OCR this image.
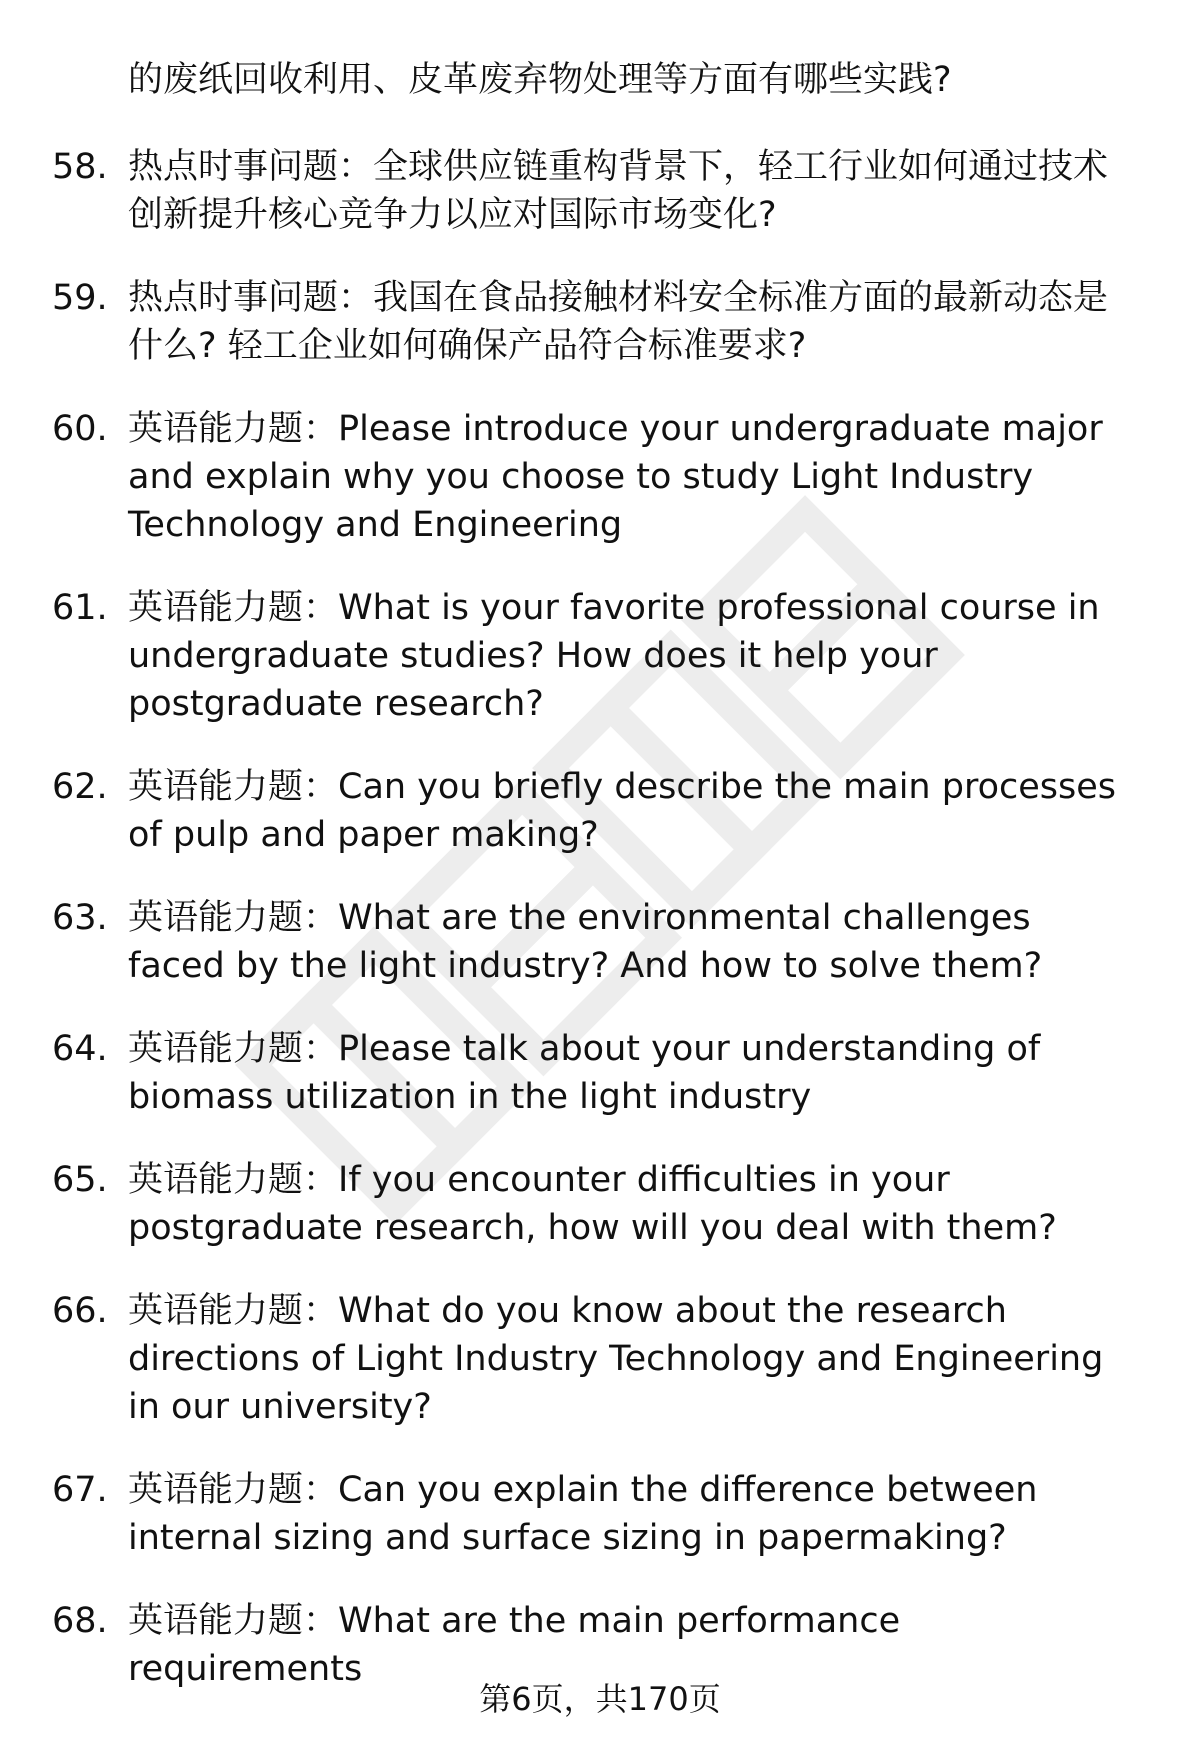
的废纸回收利用、皮革废弃物处理等方面有哪些实践?

58. 热点时事问题：全球供应链重构背景下，轻工行业如何通过技术创新提升核心竞争力以应对国际市场变化?
59. 热点时事问题：我国在食品接触材料安全标准方面的最新动态是什么? 轻工企业如何确保产品符合标准要求?
60. 英语能力题：Please introduce your undergraduate major and explain why you choose to study Light Industry Technology and Engineering
61. 英语能力题：What is your favorite professional course in undergraduate studies? How does it help your postgraduate research?
62. 英语能力题：Can you briefly describe the main processes of pulp and paper making?
63. 英语能力题：What are the environmental challenges faced by the light industry? And how to solve them?
64. 英语能力题：Please talk about your understanding of biomass utilization in the light industry
65. 英语能力题：If you encounter difficulties in your postgraduate research, how will you deal with them?
66. 英语能力题：What do you know about the research directions of Light Industry Technology and Engineering in our university?
67. 英语能力题：Can you explain the difference between internal sizing and surface sizing in papermaking?
68. 英语能力题：What are the main performance requirements
第6页，共170页
